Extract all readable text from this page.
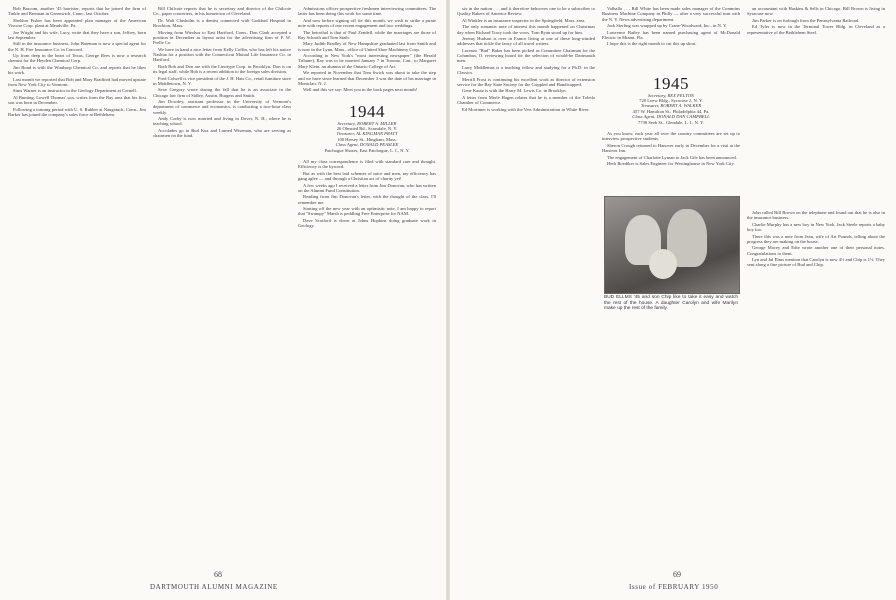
Bob Bascom, another '45 barrister, reports that he joined the firm of Tinkle and Brennan in Greenwich, Conn., last October.

Sheldon Fisher has been appointed plan manager of the American Viscose Corp. plant at Meadville, Pa.

Joe Wright and his wife, Lucy, write that they have a son, Jeffrey, born last September.

Still in the insurance business, John Bateman is now a special agent for the N. H. Fire Insurance Co. in Concord.

Up from deep in the heart of Texas, George Rees is now a research chemist for the Heyden Chemical Corp.

Jim Bond is with the Winthrop Chemical Co. and reports that he likes his work.

Last month we reported that Bob and Mary Bradford had moved upstate from New York City to Vermont.

Sims Warner is an instructor in the Geology Department at Cornell.

Al Bunting, Lowell Thomas' son, writes from the Bay area that his first son was born in December.

Following a training period with U. S. Rubber at Naugatuck, Conn., Jim Barker has joined the company's sales force at Bethlehem.

Bill Chilcote reports that he is secretary and director of the Chilcote Co., paper converters, in his hometown of Cleveland.

Dr. Walt Chisholm is a dentist connected with Goddard Hospital in Brockton, Mass.

Moving from Windsor to East Hartford, Conn., Don Clark accepted a position in December as layout artist for the advertising firm of F. W. Prelle Co.

We have in hand a nice letter from Kelly Coffin, who has left his native Nashua for a position with the Connecticut Mutual Life Insurance Co. in Hartford.

Both Bob and Don are with the Linotype Corp. in Brooklyn. Don is on its legal staff, while Bob is a recent addition to the foreign sales division.

Fred Colwell is vice president of the J. H. Hats Co., retail furniture store in Middletown, N. Y.

Sexe Gregory wrote during the fall that he is an associate in the Chicago law firm of Sidley, Austin, Burgess and Smith.

Jim Dowdey, assistant professor in the University of Vermont's department of commerce and economics, is conducting a two-hour class weekly.

Andy Corby is now married and living in Dover, N. H., where he is teaching school.

Accolades go to Bud Kuz and Larned Wiseman, who are serving as chairmen on the fund.

Admissions officer prospective freshmen interviewing committees. The latter has been doing this work for some time.

And now before signing off for this month, we wish to strike a pirate note with reports of one recent engagement and two weddings.

The betrothal is that of Paul Zendell, while the marriages are those of Ray Schroth and Tom Staib.

Mary Judith Bradley of New Hampshire graduated last from Smith and is now in the Lynn, Mass., office of United Shoe Machinery Corp.

According to New York's "most interesting newspaper" (the Herald Tribune), Ray was to be married January 7 in Toronto, Can., to Margaret Mary Klein, an alumna of the Ontario College of Art.

We reported in November that Tom Swick was about to take the step and we have since learned that December 3 was the date of his marriage in Montclair, N. J.

Well and this we say: Meet you in the back pages next month!

1944
Secretary, ROBERT A. MILLER
26 Olmsted Rd., Scarsdale, N. Y.
Treasurer, AL KINGMAN PRATT
100 Hersey St., Hingham, Mass.
Class Agent, DONALD PEASLEE
Patchogue Shores, East Patchogue, L. I., N. Y.

All my class correspondence is filed with standard care and thought. Efficiency is the byword.

But as with the best laid schemes of mice and men, my efficiency has gang aglee — and through a Christian act of charity yet!

A few weeks ago I received a letter from Jim Donovan, who has written on the Alumni Fund Constitution.

Reading from Jim Donovan's letter, with the thought of the class, I'll remember me.

Starting off the new year with an optimistic note, I am happy to report that "Swampy" Marsh is peddling Free Enterprise for NAM.

Dave Scotford is down at Johns Hopkins doing graduate work in Geology.

68
DARTMOUTH ALUMNI MAGAZINE

six in the nation . . . and it therefore behooves one to be a subscriber to Quality Bakers of America Review.

Al Winkler is an insurance inspector in the Springfield, Mass. area.

The only romantic note of interest this month happened on Christmas day when Richard Tracy took the vows. Tom Ryan stood up for him.

Jeremy Hudson is over in France living at one of these long-winded addresses that tickle the fancy of all travel writers.

Lorenzo "Bud" Baker has been picked as Committee Chairman for the Columbus, O. reviewing board for the selection of would-be Dartmouth men.

Larry Middlemas is a teaching fellow and studying for a Ph.D. in the Classics.

Merrill Frost is continuing his excellent work as director of extension service for the Bay State Society for the Crippled and Handicapped.

Gene Kautz is with the Harry M. Lewis Co. in Brooklyn.

A letter from Merle Hagen relates that he is a member of the Toledo Chamber of Commerce.

Ed Mortimer is working with the Vets Administration in White River.

Valhalla . . . Bill White has been made sales manager of the Commins Business Machine Company in Philly — after a very successful turn with the N. Y. News advertising department.

Jack Sterling was wrapped up by Crane-Woodward, Inc., in N. Y.

Lawrence Bailey has been named purchasing agent of McDonald Electric in Miami, Fla.

I hope this is the right month to cut this up short.

1945
Secretary, REX FELTON
720 Loew Bldg., Syracuse 2, N. Y.
Treasurer, ROBERT A. WALKER
457 W. Hamilton St., Philadelphia 44, Pa.
Class Agent, DONALD DAN CAMPBELL
7738 Seeb St., Glendale, L. I., N. Y.

As you know, each year all over the country committees are set up to interview prospective students.

Sheron Crough returned to Hanover early in December for a visit at the Hanover Inn.

The engagement of Charlotte Lyman to Jack Gile has been announced.

Herb Boedtker is Sales Engineer for Westinghouse in New York City.

an accountant with Haskins & Sells in Chicago. Bill Brown is living in Syracuse now.

Jim Parker is on furlough from the Pennsylvania Railroad.

Ed Tyler is now in the Terminal Tower Bldg. in Cleveland as a representative of the Bethlehem Steel.

BUD ELLMS '45 and son Chip like to take it easy and watch the rest of the house. A daughter Carolyn and wife Marilyn make up the rest of the family.

John called Bill Brown on the telephone and found out that he is also in the insurance business.

Charlie Murphy has a new boy in New York. Jack Steele reports a baby boy too.

There this was a note from Jean, wife of Art Pounds, telling about the progress they are making on the house.

George Macey and Edie wrote another one of their personal notes. Congratulations to them.

Lyn and Jul Elms mention that Carolyn is now 4½ and Chip is 1½. They sent along a fine picture of Bud and Chip.

69
Issue of FEBRUARY 1950
